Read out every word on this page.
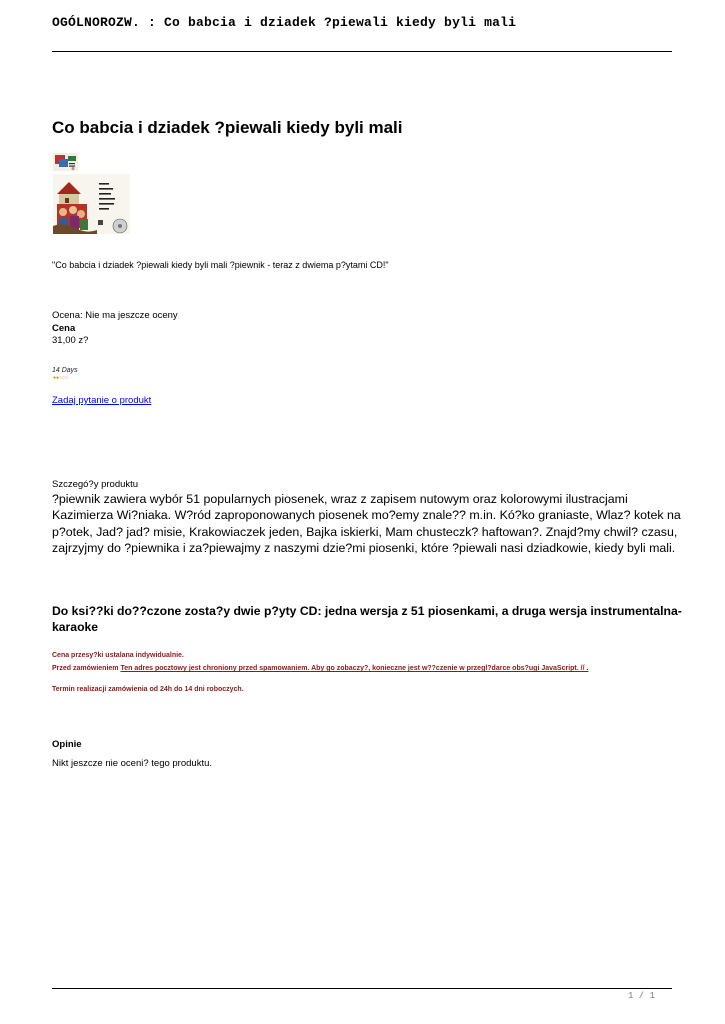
OGÓLNOROZW. : Co babcia i dziadek ?piewali kiedy byli mali
Co babcia i dziadek ?piewali kiedy byli mali
"Co babcia i dziadek ?piewali kiedy byli mali ?piewnik - teraz z dwiema p?ytami CD!"
Ocena: Nie ma jeszcze oceny
Cena
31,00 z?
14 Days
●●○○○
Zadaj pytanie o produkt
Szczegó?y produktu
?piewnik zawiera wybór 51 popularnych piosenek, wraz z zapisem nutowym oraz kolorowymi ilustracjami Kazimierza Wi?niaka. W?ród zaproponowanych piosenek mo?emy znale?? m.in. Kó?ko graniaste, Wlaz? kotek na p?otek, Jad? jad? misie, Krakowiaczek jeden, Bajka iskierki, Mam chusteczk? haftowan?. Znajd?my chwil? czasu, zajrzyjmy do ?piewnika i za?piewajmy z naszymi dzie?mi piosenki, które ?piewali nasi dziadkowie, kiedy byli mali.
Do ksi??ki do??czone zosta?y dwie p?yty CD: jedna wersja z 51 piosenkami, a druga wersja instrumentalna-karaoke
Cena przesy?ki ustalana indywidualnie.
Przed zamówieniem Ten adres pocztowy jest chroniony przed spamowaniem. Aby go zobaczy?, konieczne jest w??czenie w przegl?darce obs?ugi JavaScript. // .
Termin realizacji zamówienia od 24h do 14 dni roboczych.
Opinie
Nikt jeszcze nie oceni? tego produktu.
1 / 1
